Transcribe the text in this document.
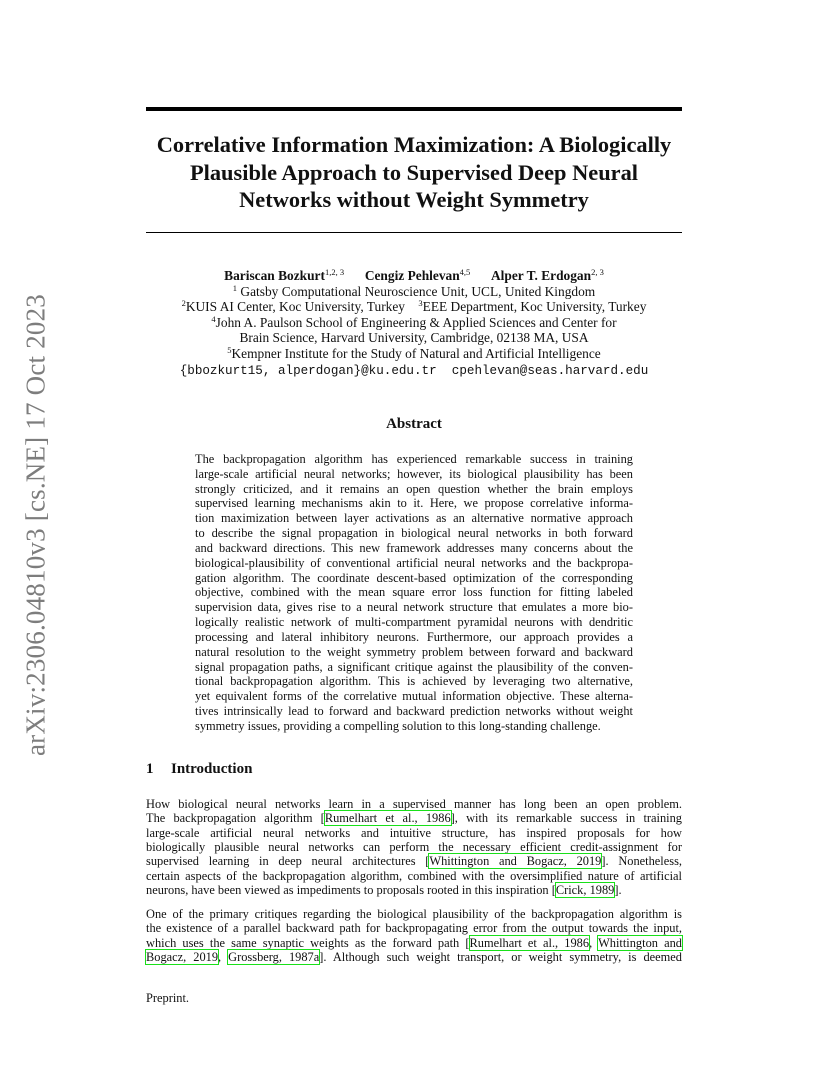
arXiv:2306.04810v3 [cs.NE] 17 Oct 2023
Correlative Information Maximization: A Biologically
Plausible Approach to Supervised Deep Neural
Networks without Weight Symmetry
Bariscan Bozkurt$^{1,2, 3}$ Cengiz Pehlevan$^{4,5}$ Alper T. Erdogan$^{2, 3}$
$^1$ Gatsby Computational Neuroscience Unit, UCL, United Kingdom
$^2$KUIS AI Center, Koc University, Turkey $^3$EEE Department, Koc University, Turkey
$^4$John A. Paulson School of Engineering & Applied Sciences and Center for
Brain Science, Harvard University, Cambridge, 02138 MA, USA
$^5$Kempner Institute for the Study of Natural and Artificial Intelligence
{bbozkurt15, alperdogan}@ku.edu.tr  cpehlevan@seas.harvard.edu
Abstract
The backpropagation algorithm has experienced remarkable success in training
large-scale artificial neural networks; however, its biological plausibility has been
strongly criticized, and it remains an open question whether the brain employs
supervised learning mechanisms akin to it. Here, we propose correlative informa-
tion maximization between layer activations as an alternative normative approach
to describe the signal propagation in biological neural networks in both forward
and backward directions. This new framework addresses many concerns about the
biological-plausibility of conventional artificial neural networks and the backpropa-
gation algorithm. The coordinate descent-based optimization of the corresponding
objective, combined with the mean square error loss function for fitting labeled
supervision data, gives rise to a neural network structure that emulates a more bio-
logically realistic network of multi-compartment pyramidal neurons with dendritic
processing and lateral inhibitory neurons. Furthermore, our approach provides a
natural resolution to the weight symmetry problem between forward and backward
signal propagation paths, a significant critique against the plausibility of the conven-
tional backpropagation algorithm. This is achieved by leveraging two alternative,
yet equivalent forms of the correlative mutual information objective. These alterna-
tives intrinsically lead to forward and backward prediction networks without weight
symmetry issues, providing a compelling solution to this long-standing challenge.
1 Introduction
How biological neural networks learn in a supervised manner has long been an open problem.
The backpropagation algorithm [Rumelhart et al., 1986], with its remarkable success in training
large-scale artificial neural networks and intuitive structure, has inspired proposals for how
biologically plausible neural networks can perform the necessary efficient credit-assignment for
supervised learning in deep neural architectures [Whittington and Bogacz, 2019]. Nonetheless,
certain aspects of the backpropagation algorithm, combined with the oversimplified nature of artificial
neurons, have been viewed as impediments to proposals rooted in this inspiration [Crick, 1989].
One of the primary critiques regarding the biological plausibility of the backpropagation algorithm is
the existence of a parallel backward path for backpropagating error from the output towards the input,
which uses the same synaptic weights as the forward path [Rumelhart et al., 1986, Whittington and
Bogacz, 2019, Grossberg, 1987a]. Although such weight transport, or weight symmetry, is deemed
Preprint.
